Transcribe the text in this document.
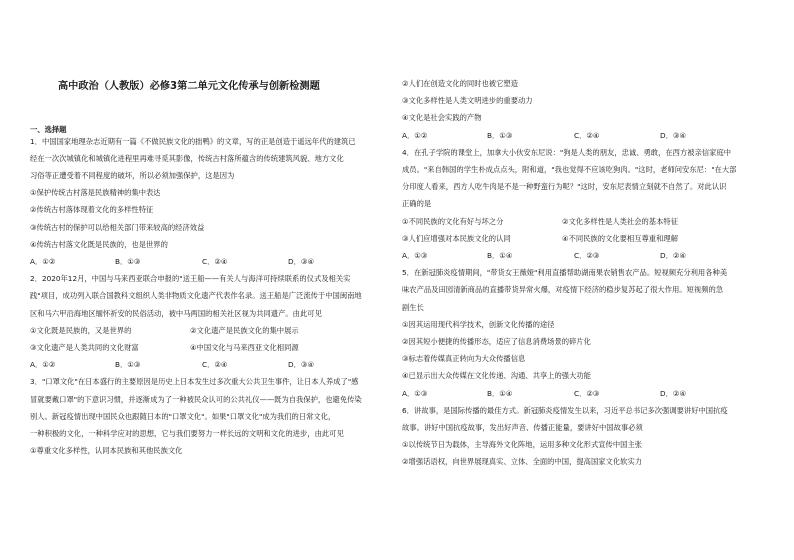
高中政治（人教版）必修3第二单元文化传承与创新检测题
一、选择题
1．中国国家地理杂志近期有一篇《不做民族文化的拙鸭》的文章，写的正是创造于遥远年代的建筑已
经在一次次城镇化和城镇化进程里再难寻觅其影像，传统古村落所蕴含的传统建筑风貌、地方文化
习俗等正遭受着不同程度的破坏，所以必须加强保护，这是因为
①保护传统古村落是民族精神的集中表达
②传统古村落体现着文化的多样性特征
③传统古村的保护可以给相关部门带来较高的经济效益
④传统古村落文化既是民族的，也是世界的
A．①②	B．①③	C．②④	D．③④
2．2020年12月，中国与马来西亚联合申报的"送王船——有关人与海洋可持续联系的仪式及相关实
践"项目，成功列入联合国教科文组织人类非物质文化遗产代表作名录。送王船是广泛流传于中国闽南地
区和马六甲沿海地区缅怀祈安的民俗活动，被中马两国的相关社区视为共同遗产。由此可见
①文化既是民族的，又是世界的	②文化遗产是民族文化的集中展示
③文化遗产是人类共同的文化财富	④中国文化与马来西亚文化相同源
A．①②	B．①③	C．②④	D．③④
3．"口罩文化"在日本盛行的主要原因是历史上日本发生过多次重大公共卫生事件，让日本人养成了"感
冒就要戴口罩"的下意识习惯，并逐渐成为了一种被民众认可的公共礼仪——既为自我保护，也避免传染
别人。新冠疫情出现中国民众也跟随日本的"口罩文化"。如果"口罩文化"成为我们的日常文化，
一种积极的文化，一种科学应对的思想，它与我们要努力一样长远的文明和文化的进步，由此可见
①尊重文化多样性，认同本民族和其他民族文化
②人们在创造文化的同时也被它塑造
③文化多样性是人类文明进步的重要动力
④文化是社会实践的产物
A．①②	B．①③	C．②④	D．③④
4．在孔子学院的课堂上，加拿大小伙安东尼说："狗是人类的朋友，忠诚、勇敢，在西方被亲信家庭中
成员。"来自韩国的学生朴成点点头，附和道，"我也觉得不应该吃狗肉。"这时，老师问安东尼："在大部
分印度人看来，西方人吃牛肉是不是一种野蛮行为呢？"这时，安东尼表情立刻就不自然了。对此认识
正确的是
①不同民族的文化有好与坏之分	②文化多样性是人类社会的基本特征
③人们应增强对本民族文化的认同	④不同民族的文化要相互尊重和理解
A．①③	B．①④	C．②③	D．②④
5．在新冠肺炎疫情期间，"带货女王薇娅"利用直播帮助湖南果农销售农产品。短视频充分利用各种美
味农产品及田园清新商品的直播带货异常火爆，对疫情下经济的稳步复苏起了很大作用。短视频的急
剧生长
①因其运用现代科学技术，创新文化传播的途径
②因其短小便捷的传播形态，适应了信息消费场景的碎片化
③标志着传媒真正转向为大众传播信息
④已显示出大众传媒在文化传递、沟通、共享上的强大功能
A．①③	B．①④	C．②③	D．②④
6．讲故事，是国际传播的最佳方式。新冠肺炎疫情发生以来，习近平总书记多次强调要讲好中国抗疫
故事。讲好中国抗疫故事，发出好声音、传播正能量，要讲好中国故事必须
①以传统节日为载体，主导海外文化阵地，运用多种文化形式宣传中国主张
②增强话语权，向世界展现真实、立体、全面的中国，提高国家文化软实力
